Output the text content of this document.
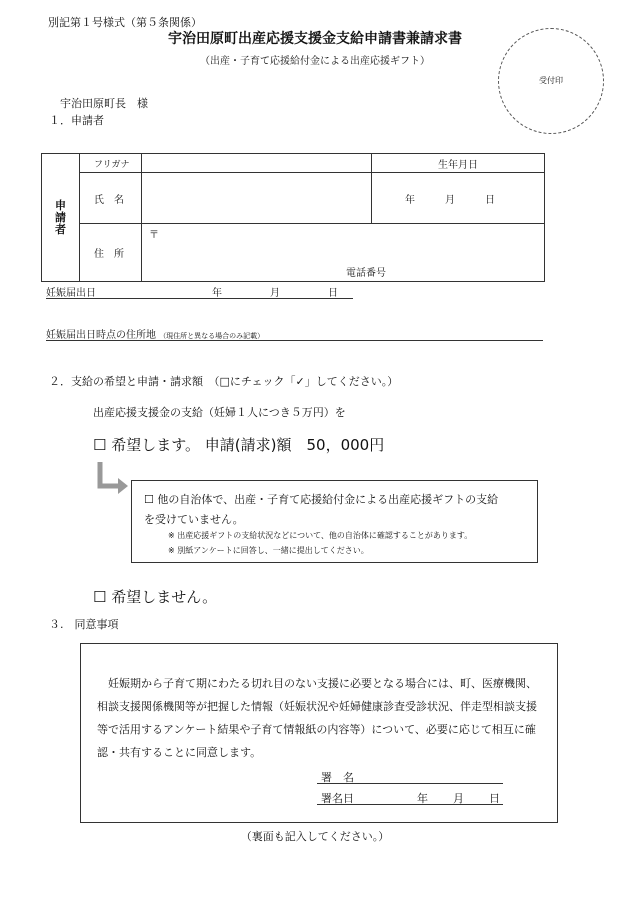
別記第１号様式（第５条関係）
宇治田原町出産応援支援金支給申請書兼請求書
（出産・子育て応援給付金による出産応援ギフト）
受付印
宇治田原町長　様
１．申請者
申
請
者	フリガナ		生年月日
	氏　名		年 月 日

	住　所	〒
電話番号	
妊娠届出日	年	月	日
妊娠届出日時点の住所地 （現住所と異なる場合のみ記載）
２．支給の希望と申請・請求額　（□にチェック「✓」してください。）
出産応援支援金の支給（妊婦１人につき５万円）を
☐ 希望します。 申請(請求)額　50，000円
☐ 他の自治体で、出産・子育て応援給付金による出産応援ギフトの支給
を受けていません。
※ 出産応援ギフトの支給状況などについて、他の自治体に確認することがあります。
※ 別紙アンケートに回答し、一緒に提出してください。
☐ 希望しません。
３.　同意事項
妊娠期から子育て期にわたる切れ目のない支援に必要となる場合には、町、医療機関、相談支援関係機関等が把握した情報（妊娠状況や妊婦健康診査受診状況、伴走型相談支援等で活用するアンケート結果や子育て情報紙の内容等）について、必要に応じて相互に確認・共有することに同意します。
署　名
署名日	年 月 日
（裏面も記入してください。）
